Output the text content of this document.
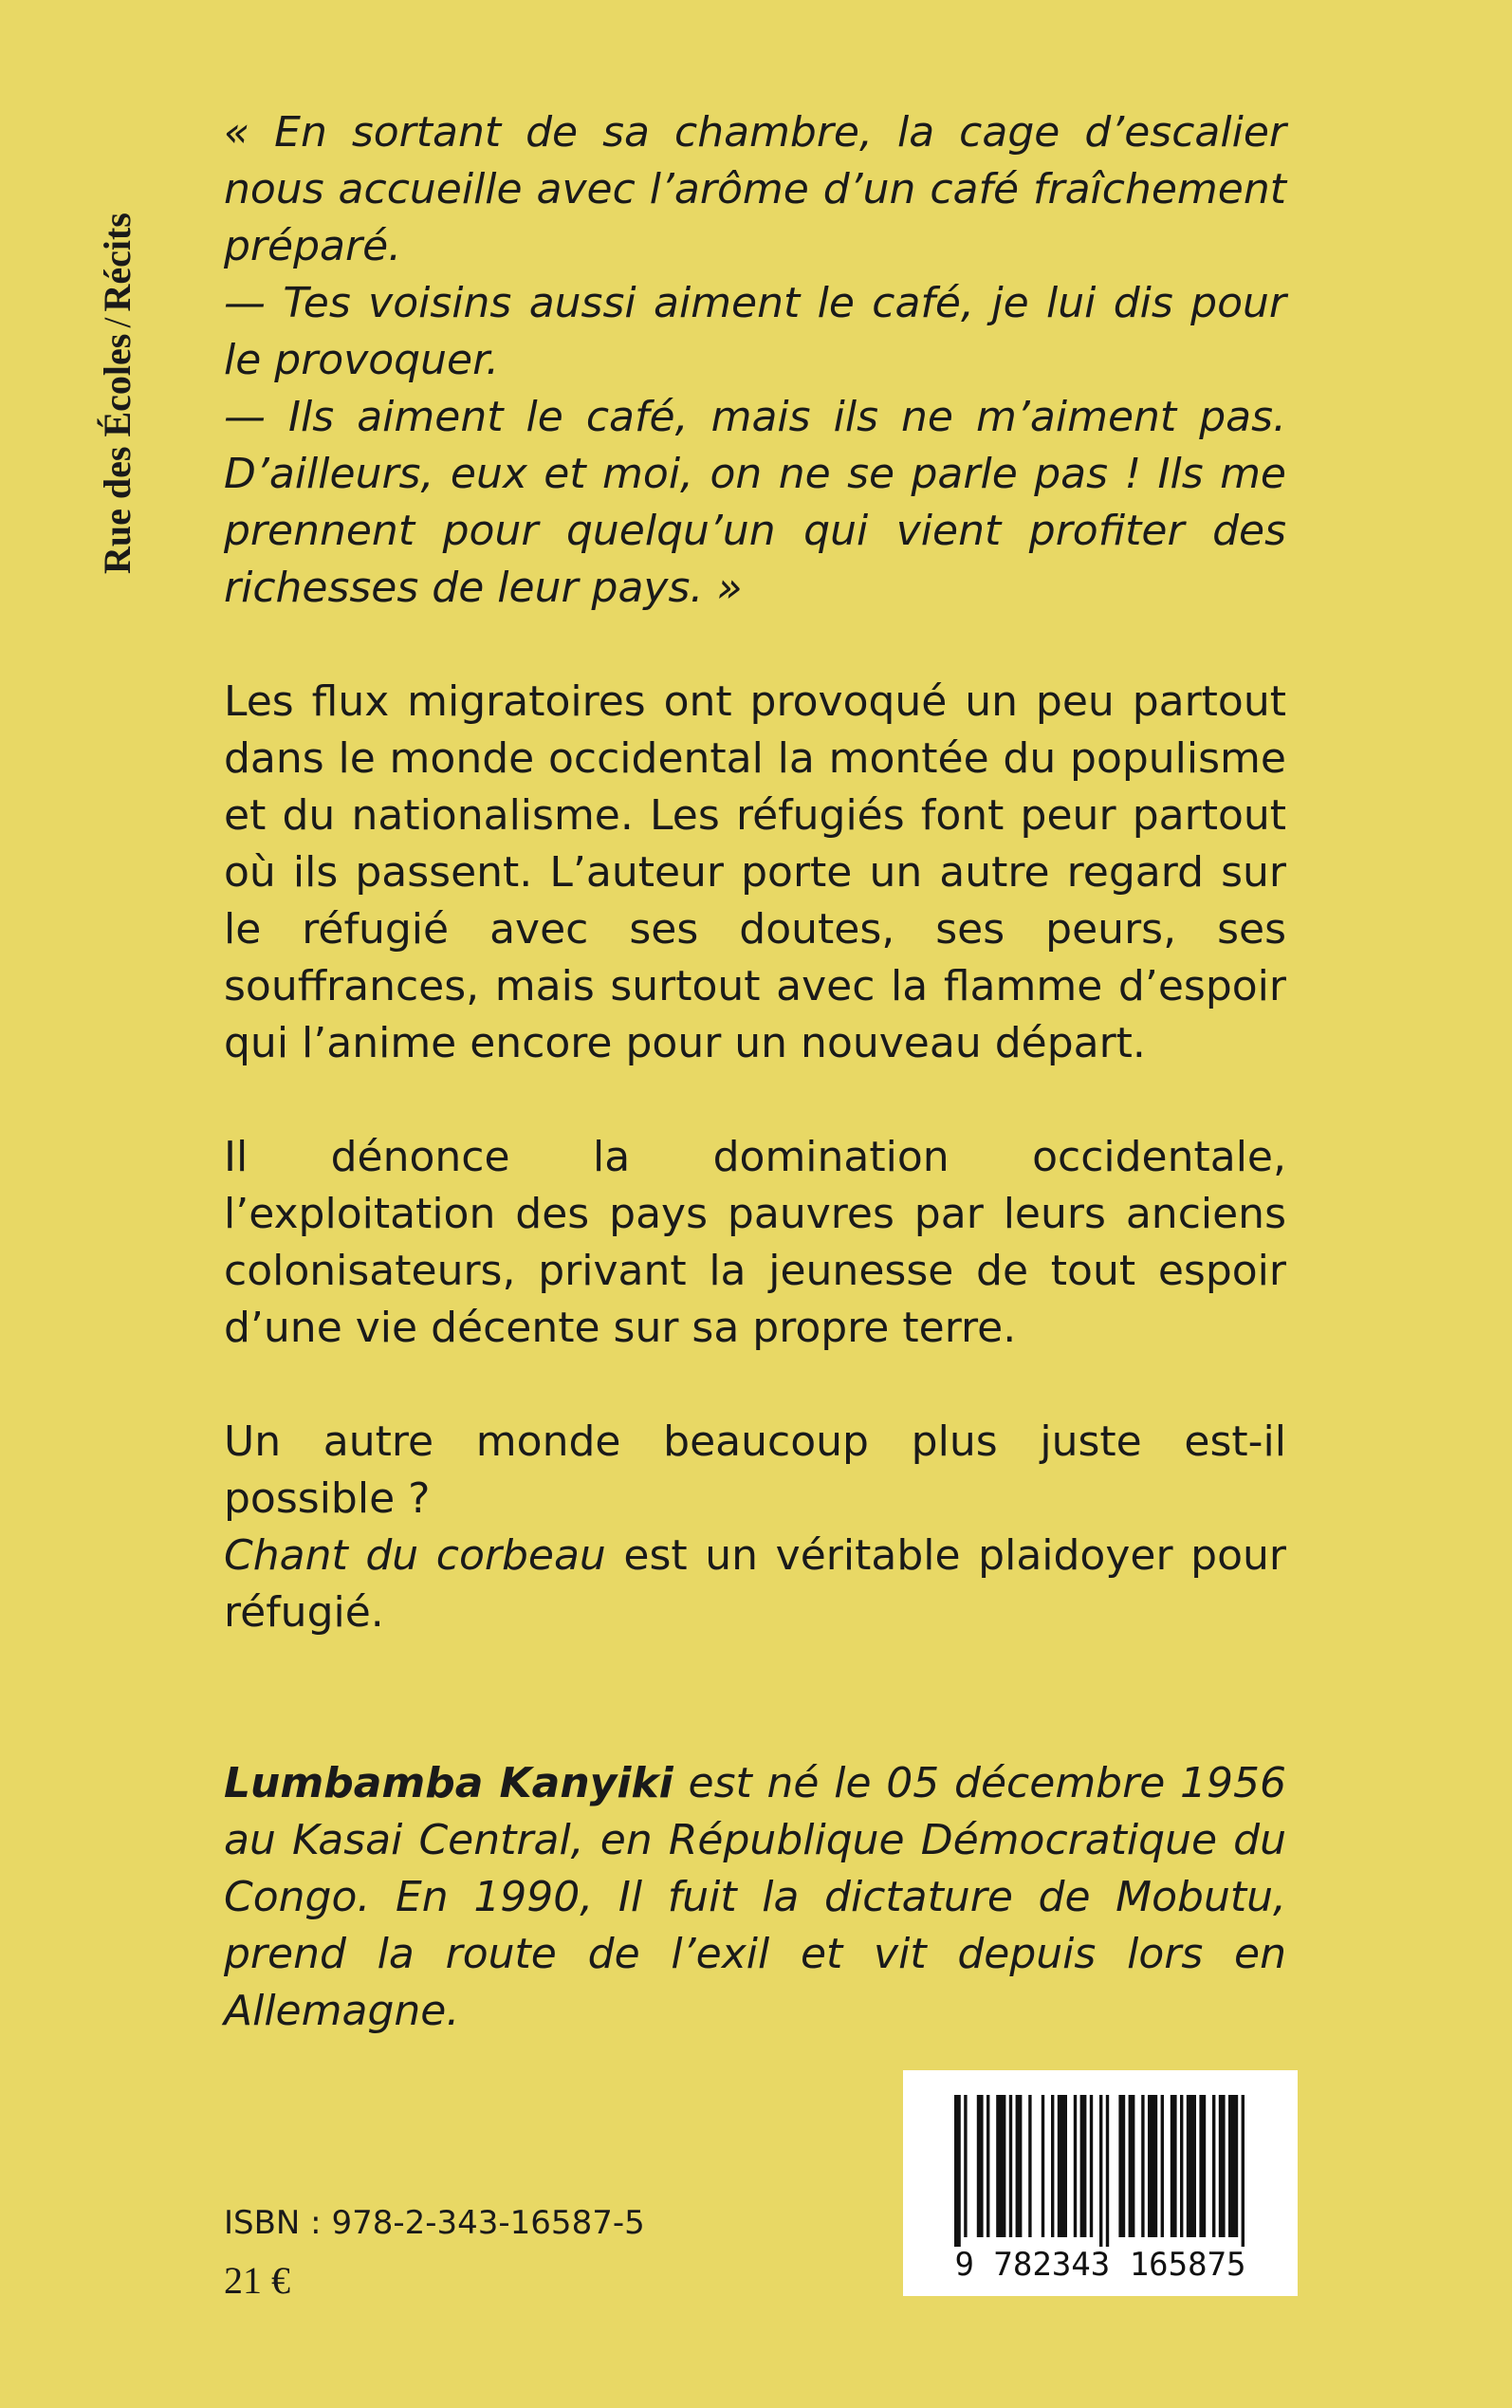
Rue des Écoles/Récits

« En sortant de sa chambre, la cage d’escalier nous accueille avec l’arôme d’un café fraîchement préparé.
— Tes voisins aussi aiment le café, je lui dis pour le provoquer.
— Ils aiment le café, mais ils ne m’aiment pas. D’ailleurs, eux et moi, on ne se parle pas ! Ils me prennent pour quelqu’un qui vient profiter des richesses de leur pays. »

Les flux migratoires ont provoqué un peu partout dans le monde occidental la montée du populisme et du nationalisme. Les réfugiés font peur partout où ils passent. L’auteur porte un autre regard sur le réfugié avec ses doutes, ses peurs, ses souffrances, mais surtout avec la flamme d’espoir qui l’anime encore pour un nouveau départ.

Il dénonce la domination occidentale, l’exploitation des pays pauvres par leurs anciens colonisateurs, privant la jeunesse de tout espoir d’une vie décente sur sa propre terre.

Un autre monde beaucoup plus juste est-il possible ?
Chant du corbeau est un véritable plaidoyer pour réfugié.

Lumbamba Kanyiki est né le 05 décembre 1956 au Kasai Central, en République Démocratique du Congo. En 1990, Il fuit la dictature de Mobutu, prend la route de l’exil et vit depuis lors en Allemagne.

9 782343 165875
ISBN : 978-2-343-16587-5
21 €
